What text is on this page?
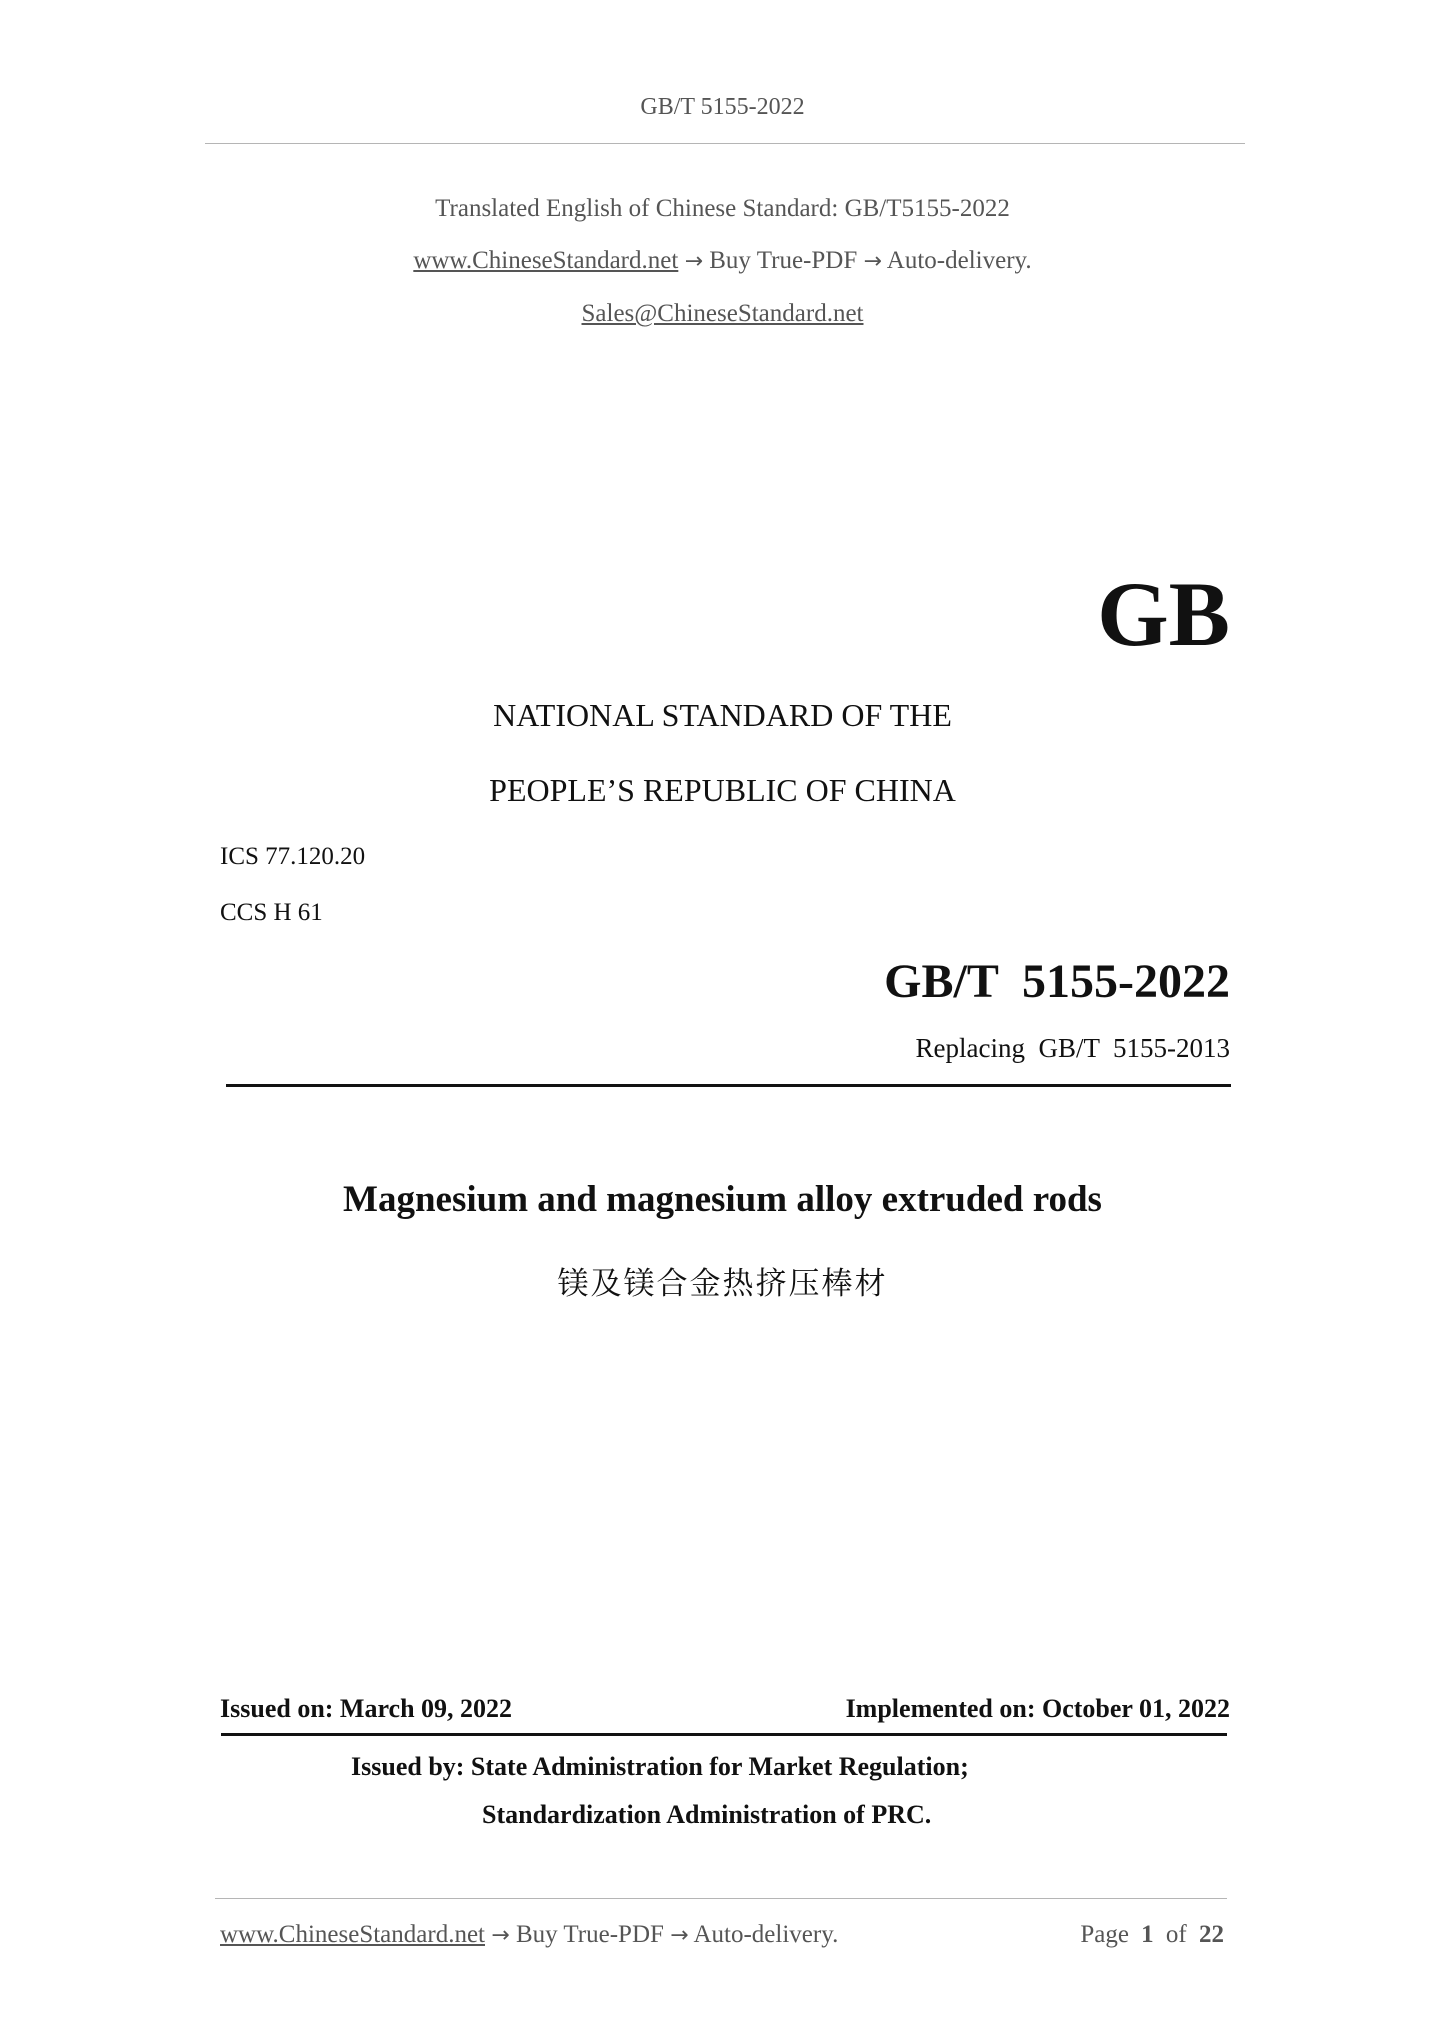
GB/T 5155-2022
Translated English of Chinese Standard: GB/T5155-2022
www.ChineseStandard.net → Buy True-PDF → Auto-delivery.
Sales@ChineseStandard.net
GB
NATIONAL STANDARD OF THE
PEOPLE’S REPUBLIC OF CHINA
ICS 77.120.20
CCS H 61
GB/T  5155-2022
Replacing  GB/T  5155-2013
Magnesium and magnesium alloy extruded rods
镁及镁合金热挤压棒材
Issued on: March 09, 2022	Implemented on: October 01, 2022
Issued by: State Administration for Market Regulation;
Standardization Administration of PRC.
www.ChineseStandard.net → Buy True-PDF → Auto-delivery.	Page 1 of 22
